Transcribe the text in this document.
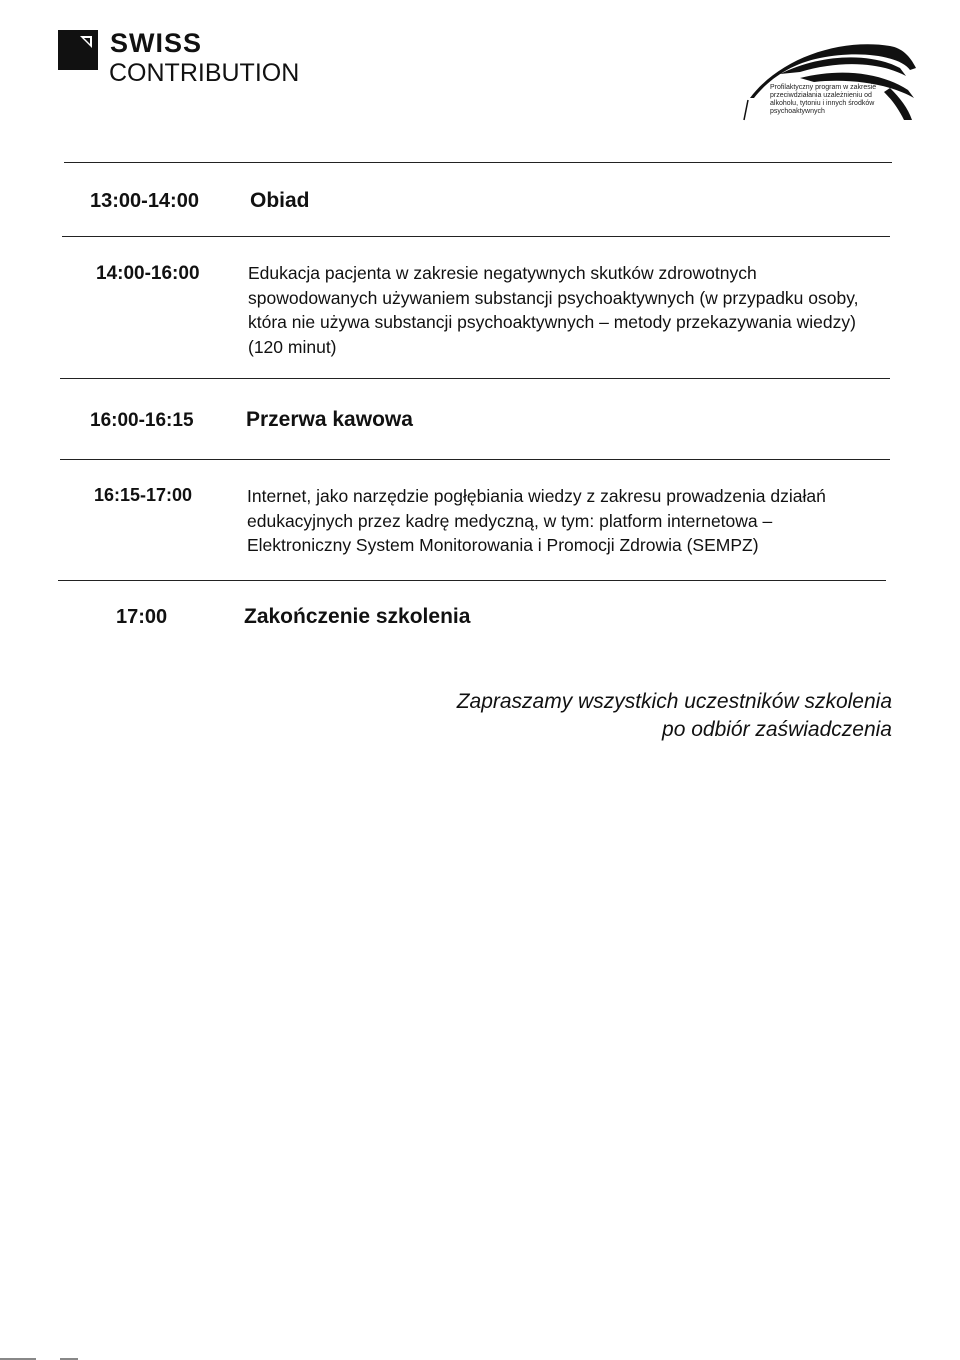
SWISS
CONTRIBUTION
Profilaktyczny program w zakresie przeciwdziałania uzależnieniu od alkoholu, tytoniu i innych środków psychoaktywnych
13:00-14:00 Obiad
14:00-16:00	Edukacja pacjenta w zakresie negatywnych skutków zdrowotnych
spowodowanych używaniem substancji psychoaktywnych (w przypadku osoby,
która nie używa substancji psychoaktywnych – metody przekazywania wiedzy)
(120 minut)
16:00-16:15 Przerwa kawowa
16:15-17:00	Internet, jako narzędzie pogłębiania wiedzy z zakresu prowadzenia działań
edukacyjnych przez kadrę medyczną, w tym: platform internetowa –
Elektroniczny System Monitorowania i Promocji Zdrowia (SEMPZ)
17:00	Zakończenie szkolenia
Zapraszamy wszystkich uczestników szkolenia
po odbiór zaświadczenia
